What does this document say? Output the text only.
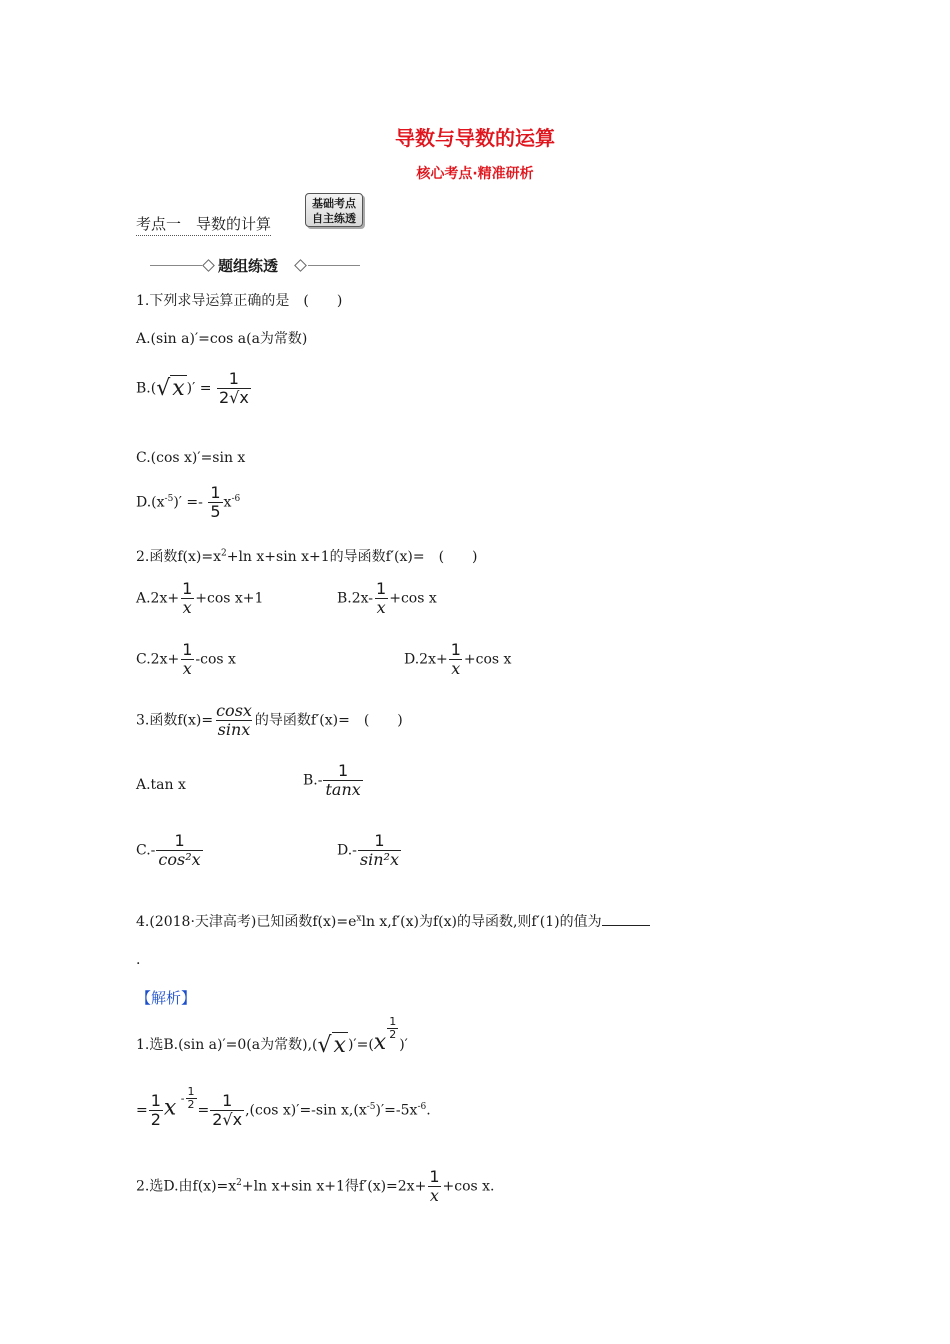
导数与导数的运算
核心考点·精准研析
考点一　导数的计算
基础考点
自主练透
题组练透
1.下列求导运算正确的是　(　　)
A.(sin a)′=cos a(a为常数)
B.(√x )′ = $\frac{1}{2√x}$
C.(cos x)′=sin x
$D.(x^{-5})' =- \frac{1}{5} x^{-6}$
2.函数$f(x)=x^2+\ln$ x+sin x+1的导函数f′(x)=　(　　)
$A.2x+ \frac{1}{x} +\cos$ x+1	$B.2x- \frac{1}{x} +\cos$ x
$C.2x+ \frac{1}{x} -\cos$ x	$D.2x+ \frac{1}{x} +\cos$ x
3.函数$f(x)= \frac{\cos x}{\sin x}$ 的导函数f′(x)=　(　　)
A.tan x	$B.- \frac{1}{\tan x}$
$C.- \frac{1}{\text{cos²x}}$	$D.- \frac{1}{\text{sin²x}}$
4.(2018·天津高考)已知函数$f(x)=e^x\ln$ x,f′(x)为f(x)的导函数,则f′(1)的值为
.
【解析】
1.选B.(sin a)′=0(a为常数),(√x )′=(x
$\frac{1}{2}$
)′
= $\frac{1}{2}$ x $^- \frac{1}{2} = \frac{1}{2√x} ,(\cos$ x)′=-sin $x,(x^{-5})'=-5x^{-6}$.
2.选D.由$f(x)=x^2+\ln$ x+sin x+1得$f'(x)=2x+ \frac{1}{x} +\cos$ x.
